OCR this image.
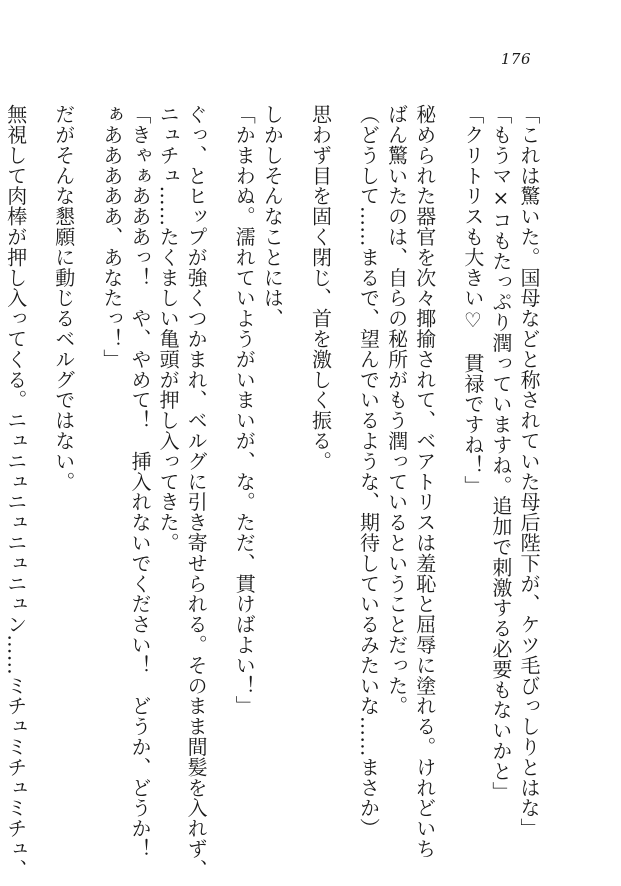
176
「これは驚いた。国母などと称されていた母后陛下が、ケツ毛びっしりとはな」
「もうマ×コもたっぷり潤っていますね。追加で刺激する必要もないかと」
「クリトリスも大きい♡　貫禄ですね！」
秘められた器官を次々揶揄されて、ベアトリスは羞恥と屈辱に塗れる。けれどいち
ばん驚いたのは、自らの秘所がもう潤っているということだった。
（どうして……まるで、望んでいるような、期待しているみたいな……まさか）
思わず目を固く閉じ、首を激しく振る。
しかしそんなことには、
「かまわぬ。濡れていようがいまいが、な。ただ、貫けばよい！」
ぐっ、とヒップが強くつかまれ、ベルグに引き寄せられる。そのまま間髪を入れず、
ニュチュ……たくましい亀頭が押し入ってきた。
「きゃぁあああっ！　や、やめて！　挿入れないでください！　どうか、どうか！
ぁあああああ、あなたっ！」
だがそんな懇願に動じるベルグではない。
無視して肉棒が押し入ってくる。ニュニュニュニュニュン……ミチュミチュミチュ、
